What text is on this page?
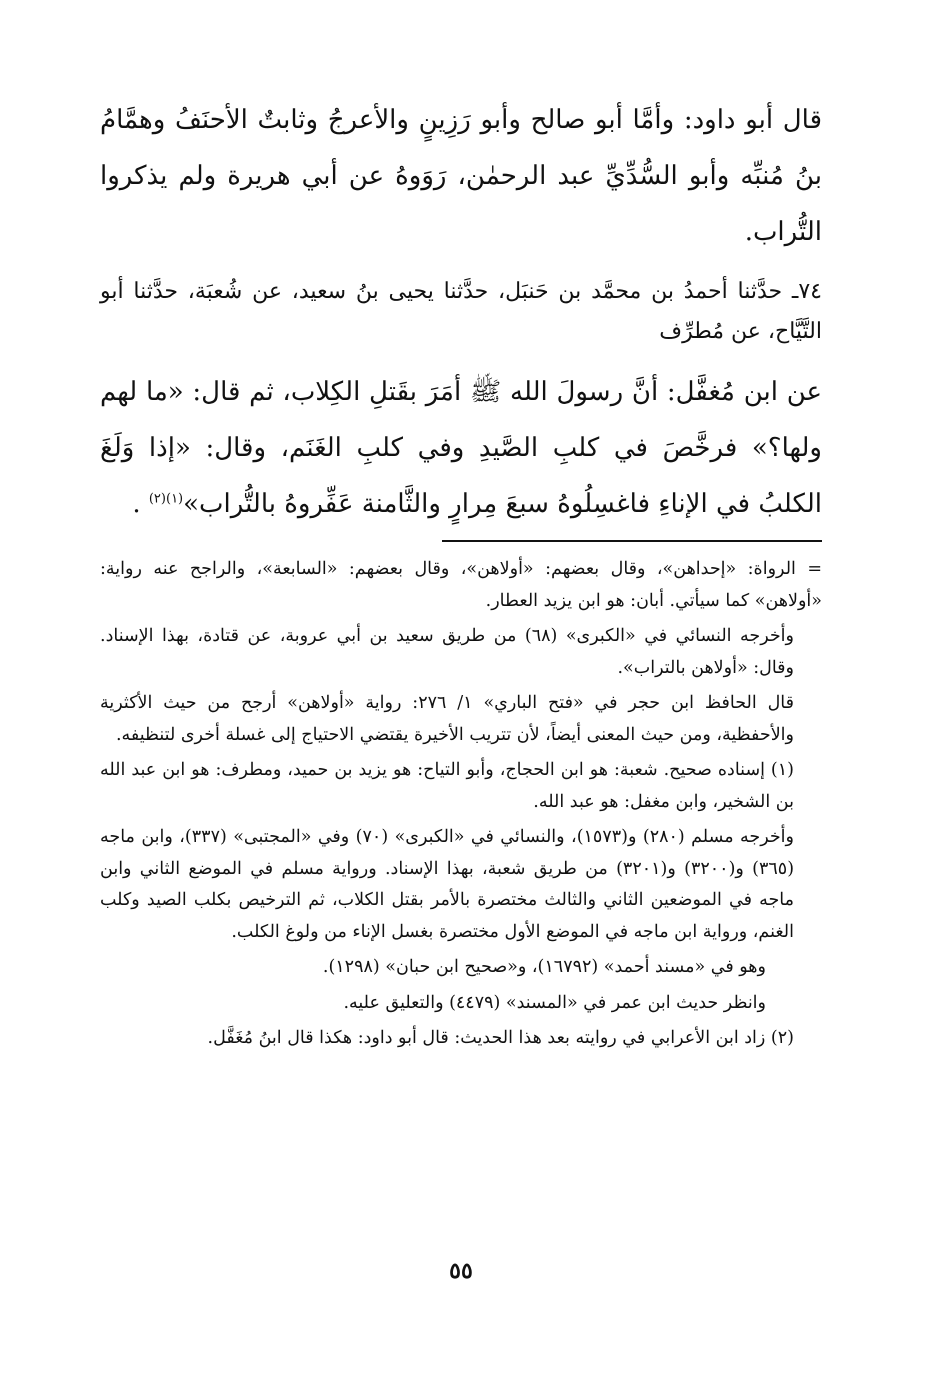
قال أبو داود: وأمَّا أبو صالح وأبو رَزِينٍ والأعرجُ وثابتٌ الأحنَفُ وهمَّامُ بنُ مُنبِّه وأبو السُّدِّيِّ عبد الرحمٰن، رَوَوهُ عن أبي هريرة ولم يذكروا التُّراب.

٧٤ـ حدَّثنا أحمدُ بن محمَّد بن حَنبَل، حدَّثنا يحيى بنُ سعيد، عن شُعبَة، حدَّثنا أبو التَّيَّاح، عن مُطرِّف

عن ابن مُغفَّل: أنَّ رسولَ الله ﷺ أمَرَ بقَتلِ الكِلاب، ثم قال: «ما لهم ولها؟» فرخَّصَ في كلبِ الصَّيدِ وفي كلبِ الغَنَم، وقال: «إذا وَلَغَ الكلبُ في الإناءِ فاغسِلُوهُ سبعَ مِرارٍ والثَّامنة عَفِّروهُ بالتُّراب»$^{(١)(٢)}$ .

= الرواة: «إحداهن»، وقال بعضهم: «أولاهن»، وقال بعضهم: «السابعة»، والراجح عنه رواية: «أولاهن» كما سيأتي. أبان: هو ابن يزيد العطار.

وأخرجه النسائي في «الكبرى» (٦٨) من طريق سعيد بن أبي عروبة، عن قتادة، بهذا الإسناد. وقال: «أولاهن بالتراب».

قال الحافظ ابن حجر في «فتح الباري» ١/ ٢٧٦: رواية «أولاهن» أرجح من حيث الأكثرية والأحفظية، ومن حيث المعنى أيضاً، لأن تتريب الأخيرة يقتضي الاحتياج إلى غسلة أخرى لتنظيفه.

(١) إسناده صحيح. شعبة: هو ابن الحجاج، وأبو التياح: هو يزيد بن حميد، ومطرف: هو ابن عبد الله بن الشخير، وابن مغفل: هو عبد الله.

وأخرجه مسلم (٢٨٠) و(١٥٧٣)، والنسائي في «الكبرى» (٧٠) وفي «المجتبى» (٣٣٧)، وابن ماجه (٣٦٥) و(٣٢٠٠) و(٣٢٠١) من طريق شعبة، بهذا الإسناد. ورواية مسلم في الموضع الثاني وابن ماجه في الموضعين الثاني والثالث مختصرة بالأمر بقتل الكلاب، ثم الترخيص بكلب الصيد وكلب الغنم، ورواية ابن ماجه في الموضع الأول مختصرة بغسل الإناء من ولوغ الكلب.

وهو في «مسند أحمد» (١٦٧٩٢)، و«صحيح ابن حبان» (١٢٩٨).

وانظر حديث ابن عمر في «المسند» (٤٤٧٩) والتعليق عليه.

(٢) زاد ابن الأعرابي في روايته بعد هذا الحديث: قال أبو داود: هكذا قال ابنُ مُغَفَّل.

٥٥
